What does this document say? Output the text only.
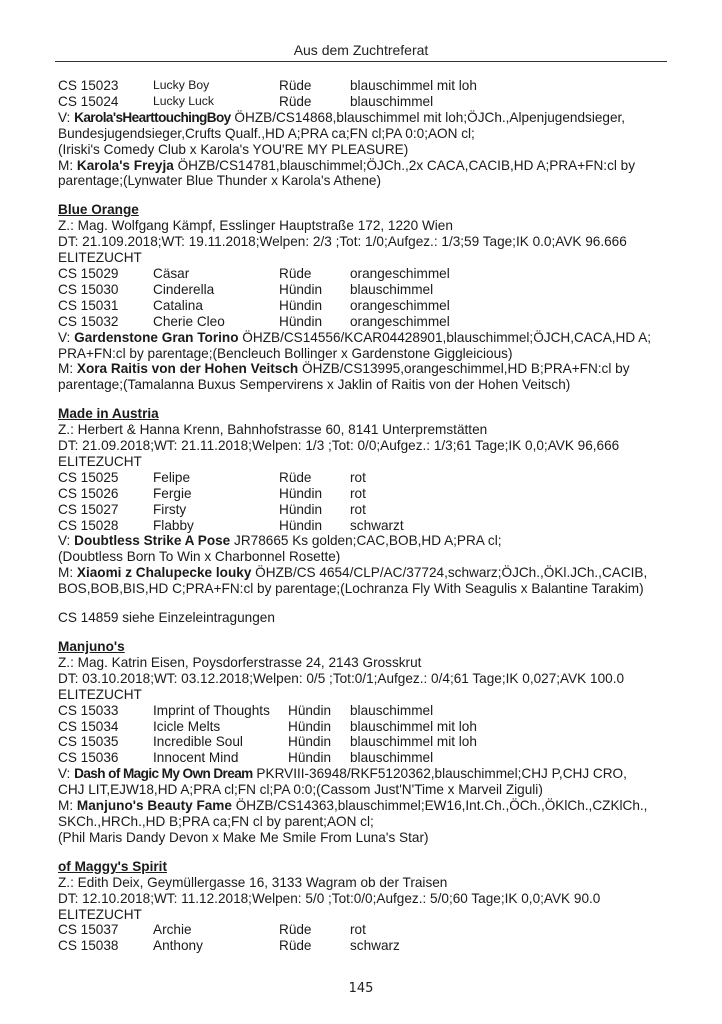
Aus dem Zuchtreferat
CS 15023	Lucky Boy	Rüde	blauschimmel mit loh
CS 15024	Lucky Luck	Rüde	blauschimmel
V: Karola'sHearttouchingBoy ÖHZB/CS14868,blauschimmel mit loh;ÖJCh.,Alpenjugendsieger,
Bundesjugendsieger,Crufts Qualf.,HD A;PRA ca;FN cl;PA 0:0;AON cl;
(Iriski's Comedy Club x Karola's YOU'RE MY PLEASURE)
M: Karola's Freyja ÖHZB/CS14781,blauschimmel;ÖJCh.,2x CACA,CACIB,HD A;PRA+FN:cl by
parentage;(Lynwater Blue Thunder x Karola's Athene)
Blue Orange
Z.: Mag. Wolfgang Kämpf, Esslinger Hauptstraße 172, 1220 Wien
DT: 21.109.2018;WT: 19.11.2018;Welpen: 2/3 ;Tot: 1/0;Aufgez.: 1/3;59 Tage;IK 0.0;AVK 96.666
ELITEZUCHT
CS 15029	Cäsar	Rüde	orangeschimmel
CS 15030	Cinderella	Hündin	blauschimmel
CS 15031	Catalina	Hündin	orangeschimmel
CS 15032	Cherie Cleo	Hündin	orangeschimmel
V: Gardenstone Gran Torino ÖHZB/CS14556/KCAR04428901,blauschimmel;ÖJCH,CACA,HD A;
PRA+FN:cl by parentage;(Bencleuch Bollinger x Gardenstone Giggleicious)
M: Xora Raitis von der Hohen Veitsch ÖHZB/CS13995,orangeschimmel,HD B;PRA+FN:cl by
parentage;(Tamalanna Buxus Sempervirens x Jaklin of Raitis von der Hohen Veitsch)
Made in Austria
Z.: Herbert & Hanna Krenn, Bahnhofstrasse 60, 8141 Unterpremstätten
DT: 21.09.2018;WT: 21.11.2018;Welpen: 1/3 ;Tot: 0/0;Aufgez.: 1/3;61 Tage;IK 0,0;AVK 96,666
ELITEZUCHT
CS 15025	Felipe	Rüde	rot
CS 15026	Fergie	Hündin	rot
CS 15027	Firsty	Hündin	rot
CS 15028	Flabby	Hündin	schwarzt
V: Doubtless Strike A Pose JR78665 Ks golden;CAC,BOB,HD A;PRA cl;
(Doubtless Born To Win x Charbonnel Rosette)
M: Xiaomi z Chalupecke louky ÖHZB/CS 4654/CLP/AC/37724,schwarz;ÖJCh.,ÖKl.JCh.,CACIB,
BOS,BOB,BIS,HD C;PRA+FN:cl by parentage;(Lochranza Fly With Seagulis x Balantine Tarakim)
CS 14859 siehe Einzeleintragungen
Manjuno's
Z.: Mag. Katrin Eisen, Poysdorferstrasse 24, 2143 Grosskrut
DT: 03.10.2018;WT: 03.12.2018;Welpen: 0/5 ;Tot:0/1;Aufgez.: 0/4;61 Tage;IK 0,027;AVK 100.0
ELITEZUCHT
CS 15033	Imprint of Thoughts	Hündin	blauschimmel
CS 15034	Icicle Melts	Hündin	blauschimmel mit loh
CS 15035	Incredible Soul	Hündin	blauschimmel mit loh
CS 15036	Innocent Mind	Hündin	blauschimmel
V: Dash of Magic My Own Dream PKRVIII-36948/RKF5120362,blauschimmel;CHJ P,CHJ CRO,
CHJ LIT,EJW18,HD A;PRA cl;FN cl;PA 0:0;(Cassom Just'N'Time x Marveil Ziguli)
M: Manjuno's Beauty Fame ÖHZB/CS14363,blauschimmel;EW16,Int.Ch.,ÖCh.,ÖKlCh.,CZKlCh.,
SKCh.,HRCh.,HD B;PRA ca;FN cl by parent;AON cl;
(Phil Maris Dandy Devon x Make Me Smile From Luna's Star)
of Maggy's Spirit
Z.: Edith Deix, Geymüllergasse 16, 3133 Wagram ob der Traisen
DT: 12.10.2018;WT: 11.12.2018;Welpen: 5/0 ;Tot:0/0;Aufgez.: 5/0;60 Tage;IK 0,0;AVK 90.0
ELITEZUCHT
CS 15037	Archie	Rüde	rot
CS 15038	Anthony	Rüde	schwarz
145
